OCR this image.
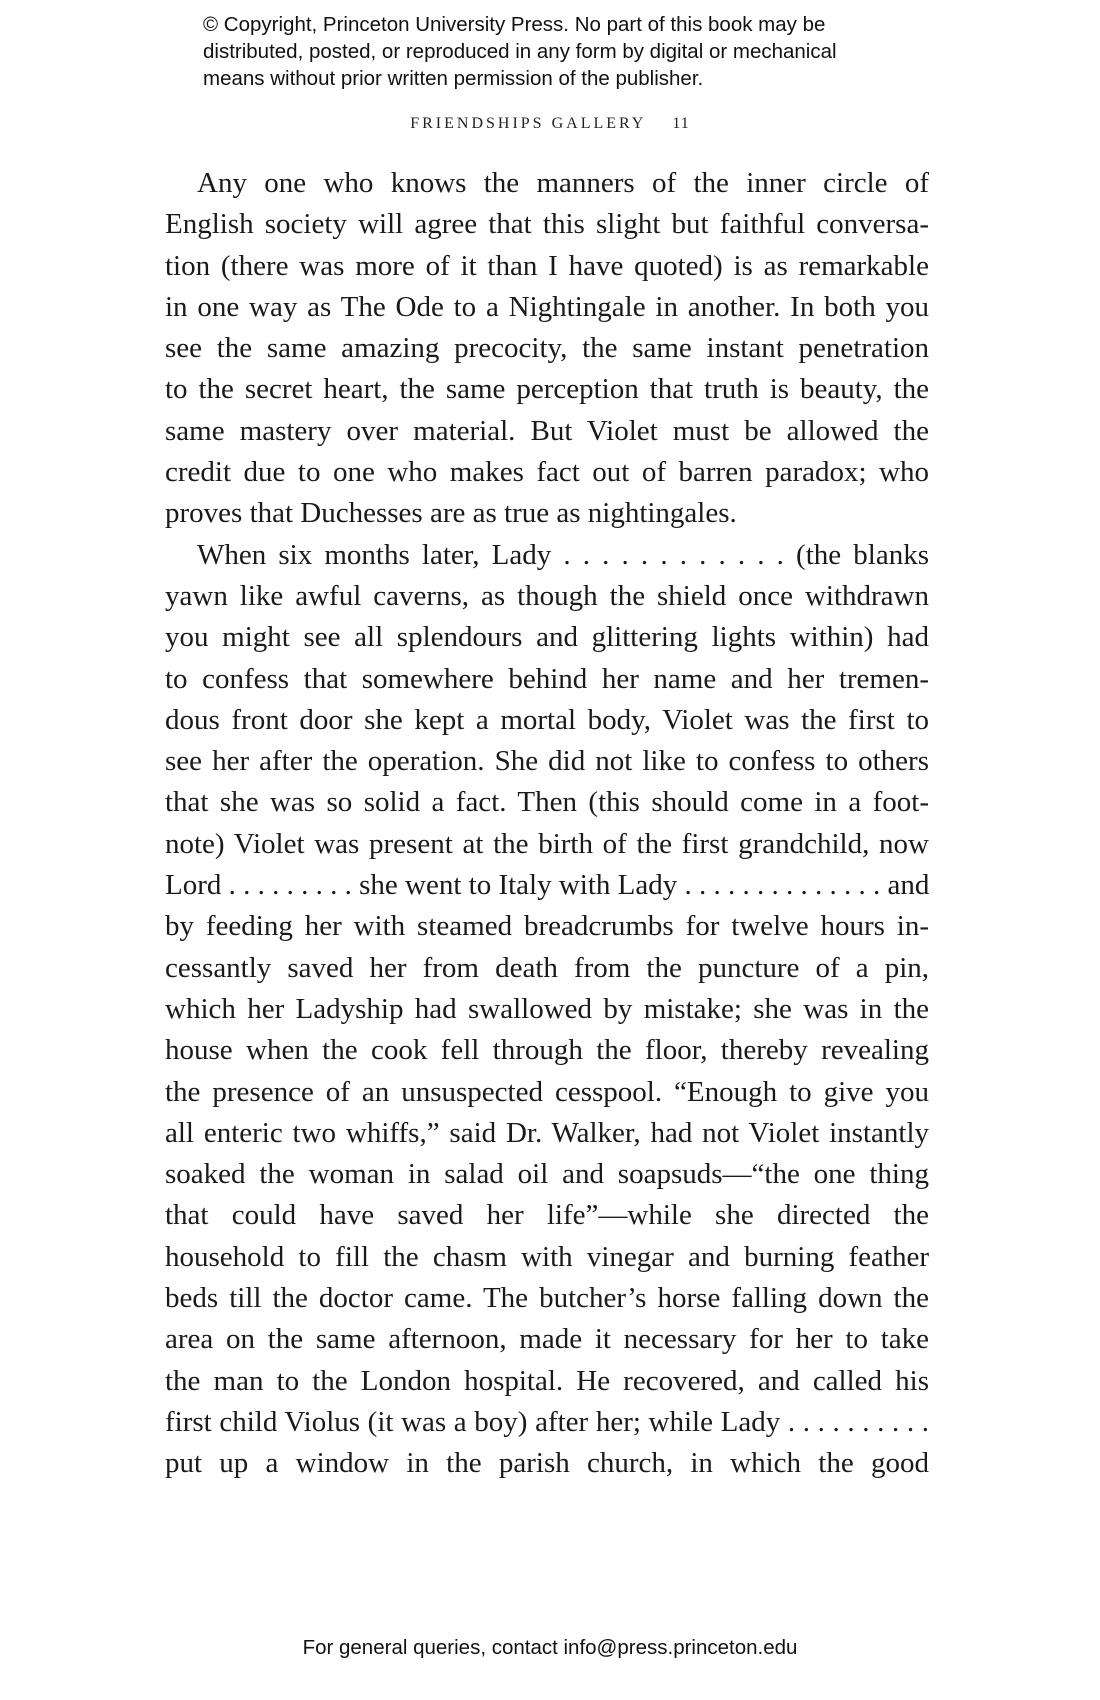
© Copyright, Princeton University Press. No part of this book may be
distributed, posted, or reproduced in any form by digital or mechanical
means without prior written permission of the publisher.
FRIENDSHIPS GALLERY 11
Any one who knows the manners of the inner circle of
English society will agree that this slight but faithful conversa-
tion (there was more of it than I have quoted) is as remarkable
in one way as The Ode to a Nightingale in another. In both you
see the same amazing precocity, the same instant penetration
to the secret heart, the same perception that truth is beauty, the
same mastery over material. But Violet must be allowed the
credit due to one who makes fact out of barren paradox; who
proves that Duchesses are as true as nightingales.
When six months later, Lady . . . . . . . . . . . . (the blanks
yawn like awful caverns, as though the shield once withdrawn
you might see all splendours and glittering lights within) had
to confess that somewhere behind her name and her tremen-
dous front door she kept a mortal body, Violet was the first to
see her after the operation. She did not like to confess to others
that she was so solid a fact. Then (this should come in a foot-
note) Violet was present at the birth of the first grandchild, now
Lord . . . . . . . . . she went to Italy with Lady . . . . . . . . . . . . . . and
by feeding her with steamed breadcrumbs for twelve hours in-
cessantly saved her from death from the puncture of a pin,
which her Ladyship had swallowed by mistake; she was in the
house when the cook fell through the floor, thereby revealing
the presence of an unsuspected cesspool. “Enough to give you
all enteric two whiffs,” said Dr. Walker, had not Violet instantly
soaked the woman in salad oil and soapsuds—“the one thing
that could have saved her life”—while she directed the
household to fill the chasm with vinegar and burning feather
beds till the doctor came. The butcher’s horse falling down the
area on the same afternoon, made it necessary for her to take
the man to the London hospital. He recovered, and called his
first child Violus (it was a boy) after her; while Lady . . . . . . . . . .
put up a window in the parish church, in which the good
For general queries, contact info@press.princeton.edu
